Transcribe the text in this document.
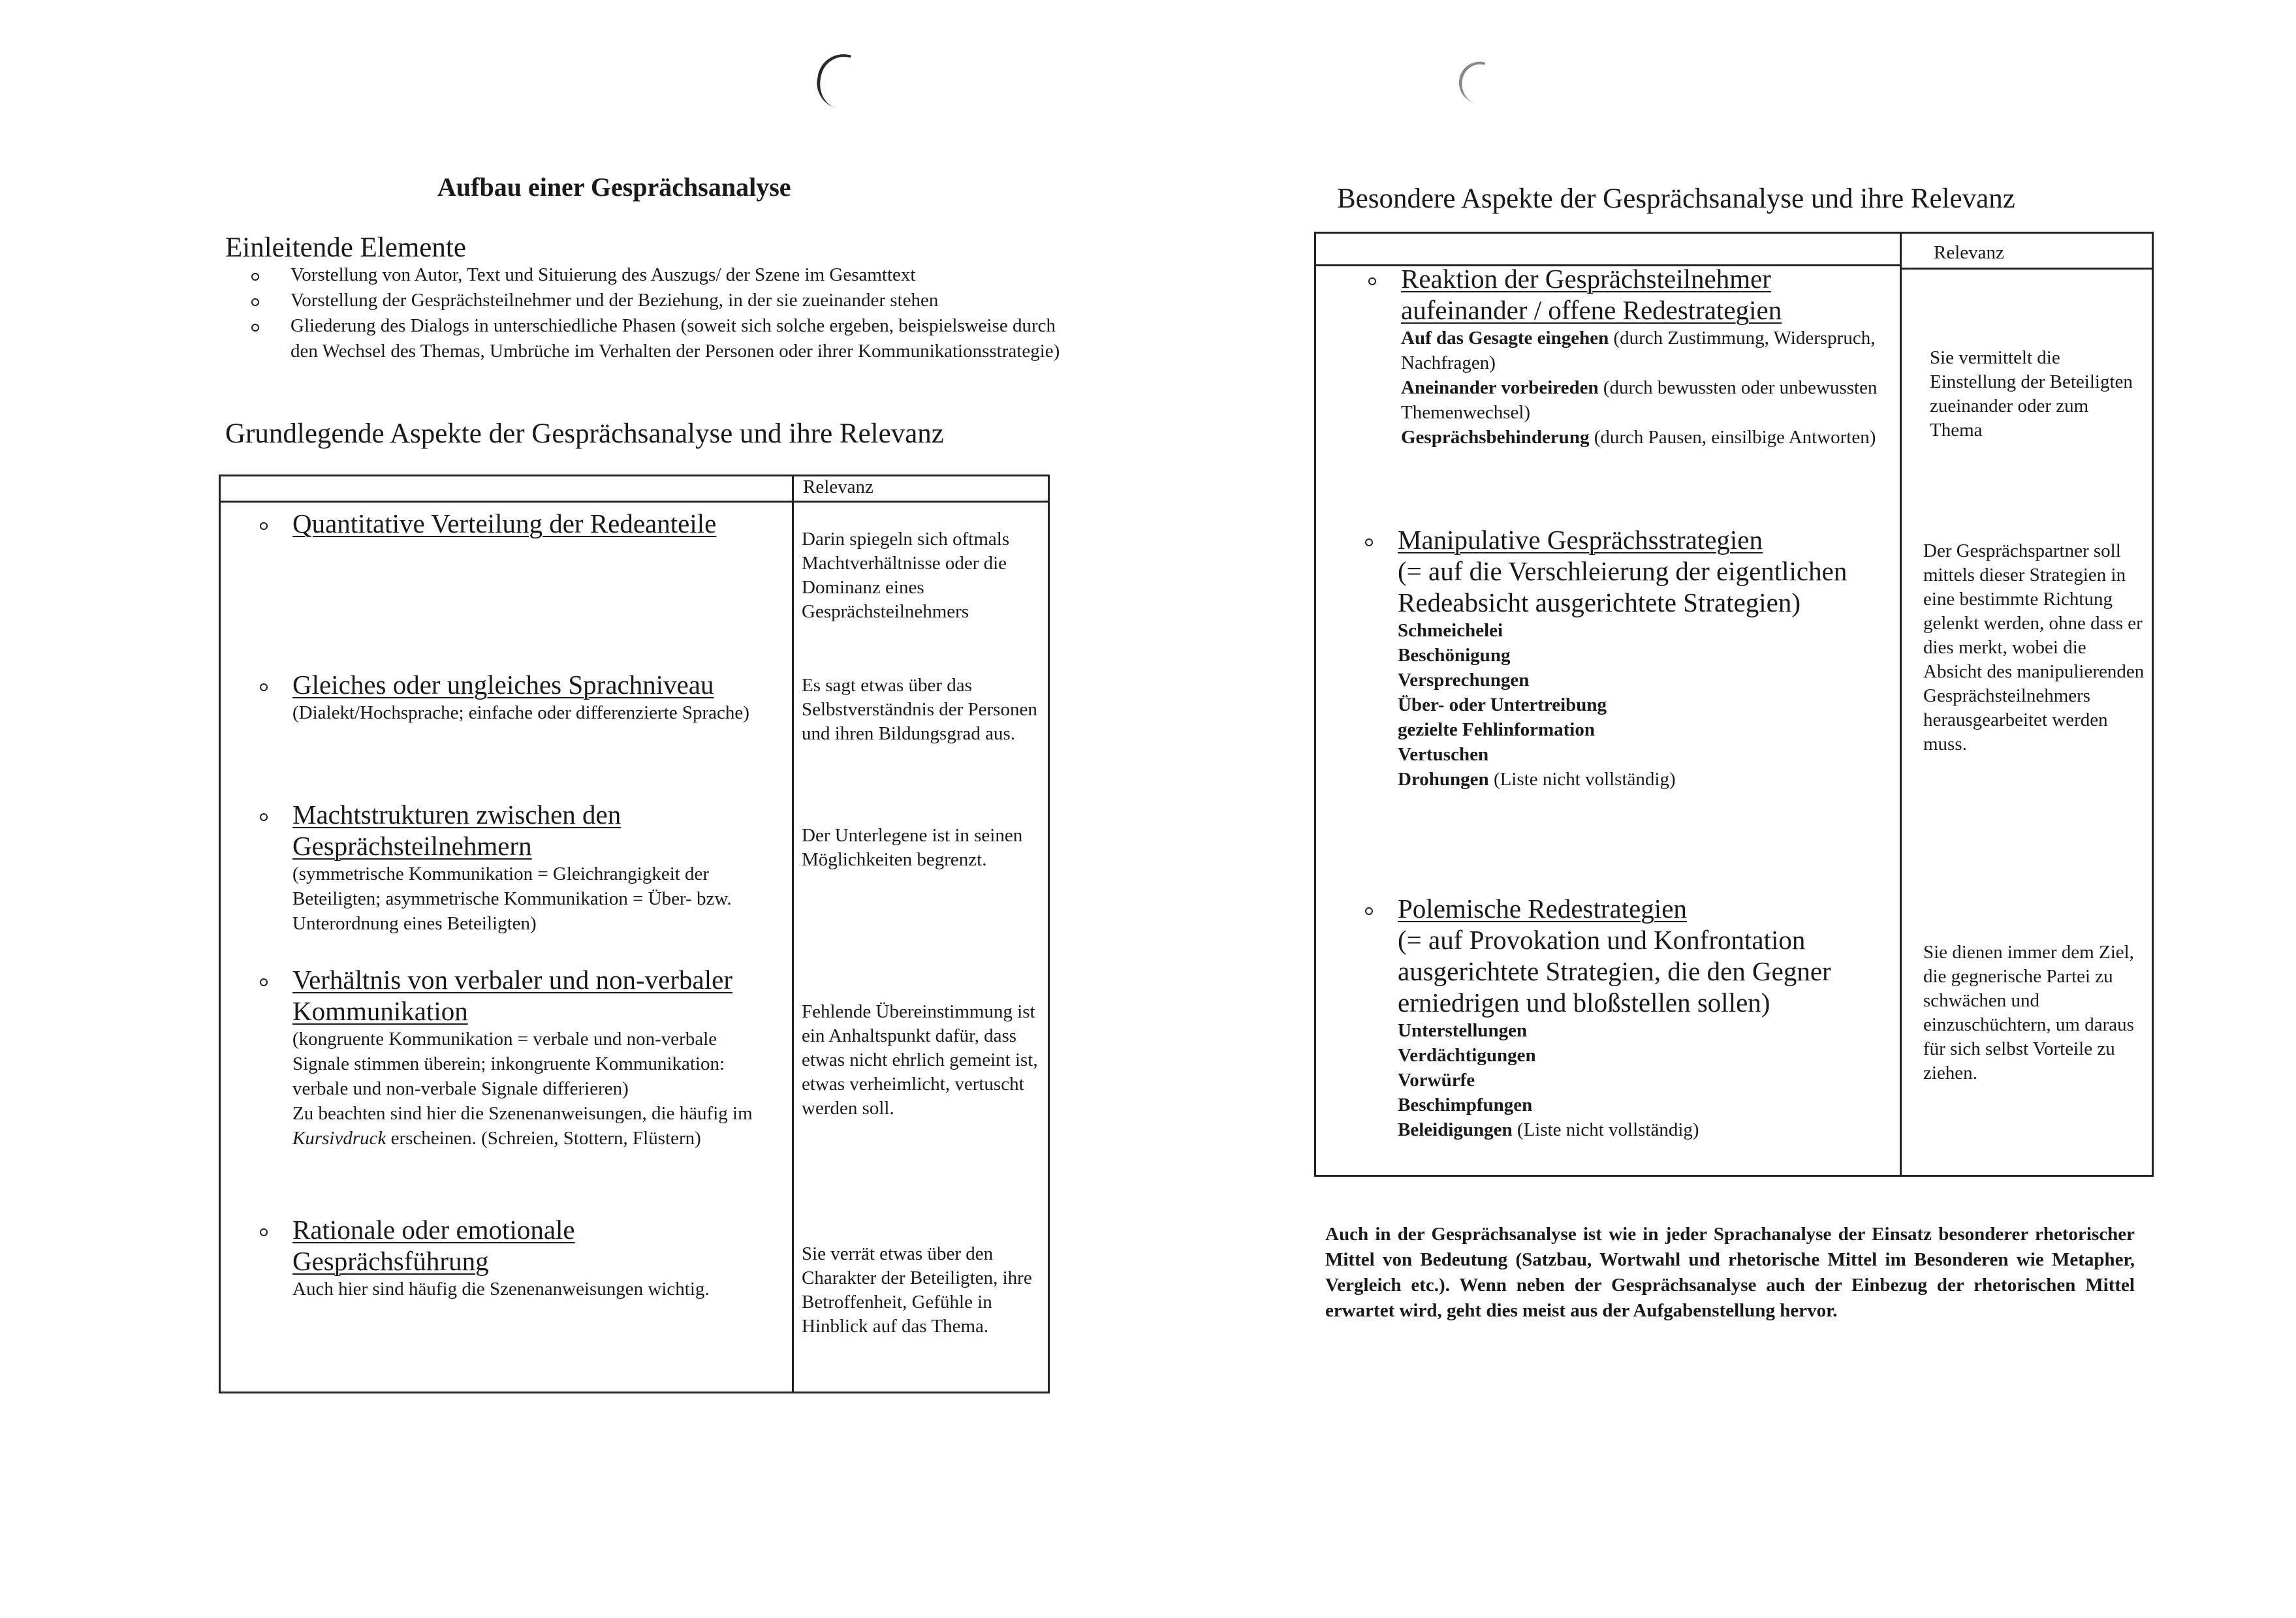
Aufbau einer Gesprächsanalyse
Einleitende Elemente
Vorstellung von Autor, Text und Situierung des Auszugs/ der Szene im Gesamttext
Vorstellung der Gesprächsteilnehmer und der Beziehung, in der sie zueinander stehen
Gliederung des Dialogs in unterschiedliche Phasen (soweit sich solche ergeben, beispielsweise durch den Wechsel des Themas, Umbrüche im Verhalten der Personen oder ihrer Kommunikationsstrategie)
Grundlegende Aspekte der Gesprächsanalyse und ihre Relevanz
Relevanz
Quantitative Verteilung der Redeanteile
Darin spiegeln sich oftmals Machtverhältnisse oder die Dominanz eines Gesprächsteilnehmers
Gleiches oder ungleiches Sprachniveau
(Dialekt/Hochsprache; einfache oder differenzierte Sprache)
Es sagt etwas über das Selbstverständnis der Personen und ihren Bildungsgrad aus.
Machtstrukturen zwischen den Gesprächsteilnehmern
(symmetrische Kommunikation = Gleichrangigkeit der Beteiligten; asymmetrische Kommunikation = Über- bzw. Unterordnung eines Beteiligten)
Der Unterlegene ist in seinen Möglichkeiten begrenzt.
Verhältnis von verbaler und non-verbaler Kommunikation
(kongruente Kommunikation = verbale und non-verbale Signale stimmen überein; inkongruente Kommunikation: verbale und non-verbale Signale differieren)
Zu beachten sind hier die Szenenanweisungen, die häufig im Kursivdruck erscheinen. (Schreien, Stottern, Flüstern)
Fehlende Übereinstimmung ist ein Anhaltspunkt dafür, dass etwas nicht ehrlich gemeint ist, etwas verheimlicht, vertuscht werden soll.
Rationale oder emotionale Gesprächsführung
Auch hier sind häufig die Szenenanweisungen wichtig.
Sie verrät etwas über den Charakter der Beteiligten, ihre Betroffenheit, Gefühle in Hinblick auf das Thema.
Besondere Aspekte der Gesprächsanalyse und ihre Relevanz
Relevanz
Reaktion der Gesprächsteilnehmer aufeinander / offene Redestrategien
Auf das Gesagte eingehen (durch Zustimmung, Widerspruch, Nachfragen)
Aneinander vorbeireden (durch bewussten oder unbewussten Themenwechsel)
Gesprächsbehinderung (durch Pausen, einsilbige Antworten)
Sie vermittelt die Einstellung der Beteiligten zueinander oder zum Thema
Manipulative Gesprächsstrategien
(= auf die Verschleierung der eigentlichen Redeabsicht ausgerichtete Strategien)
Schmeichelei
Beschönigung
Versprechungen
Über- oder Untertreibung
gezielte Fehlinformation
Vertuschen
Drohungen (Liste nicht vollständig)
Der Gesprächspartner soll mittels dieser Strategien in eine bestimmte Richtung gelenkt werden, ohne dass er dies merkt, wobei die Absicht des manipulierenden Gesprächsteilnehmers herausgearbeitet werden muss.
Polemische Redestrategien
(= auf Provokation und Konfrontation ausgerichtete Strategien, die den Gegner erniedrigen und bloßstellen sollen)
Unterstellungen
Verdächtigungen
Vorwürfe
Beschimpfungen
Beleidigungen (Liste nicht vollständig)
Sie dienen immer dem Ziel, die gegnerische Partei zu schwächen und einzuschüchtern, um daraus für sich selbst Vorteile zu ziehen.
Auch in der Gesprächsanalyse ist wie in jeder Sprachanalyse der Einsatz besonderer rhetorischer Mittel von Bedeutung (Satzbau, Wortwahl und rhetorische Mittel im Besonderen wie Metapher, Vergleich etc.). Wenn neben der Gesprächsanalyse auch der Einbezug der rhetorischen Mittel erwartet wird, geht dies meist aus der Aufgabenstellung hervor.
